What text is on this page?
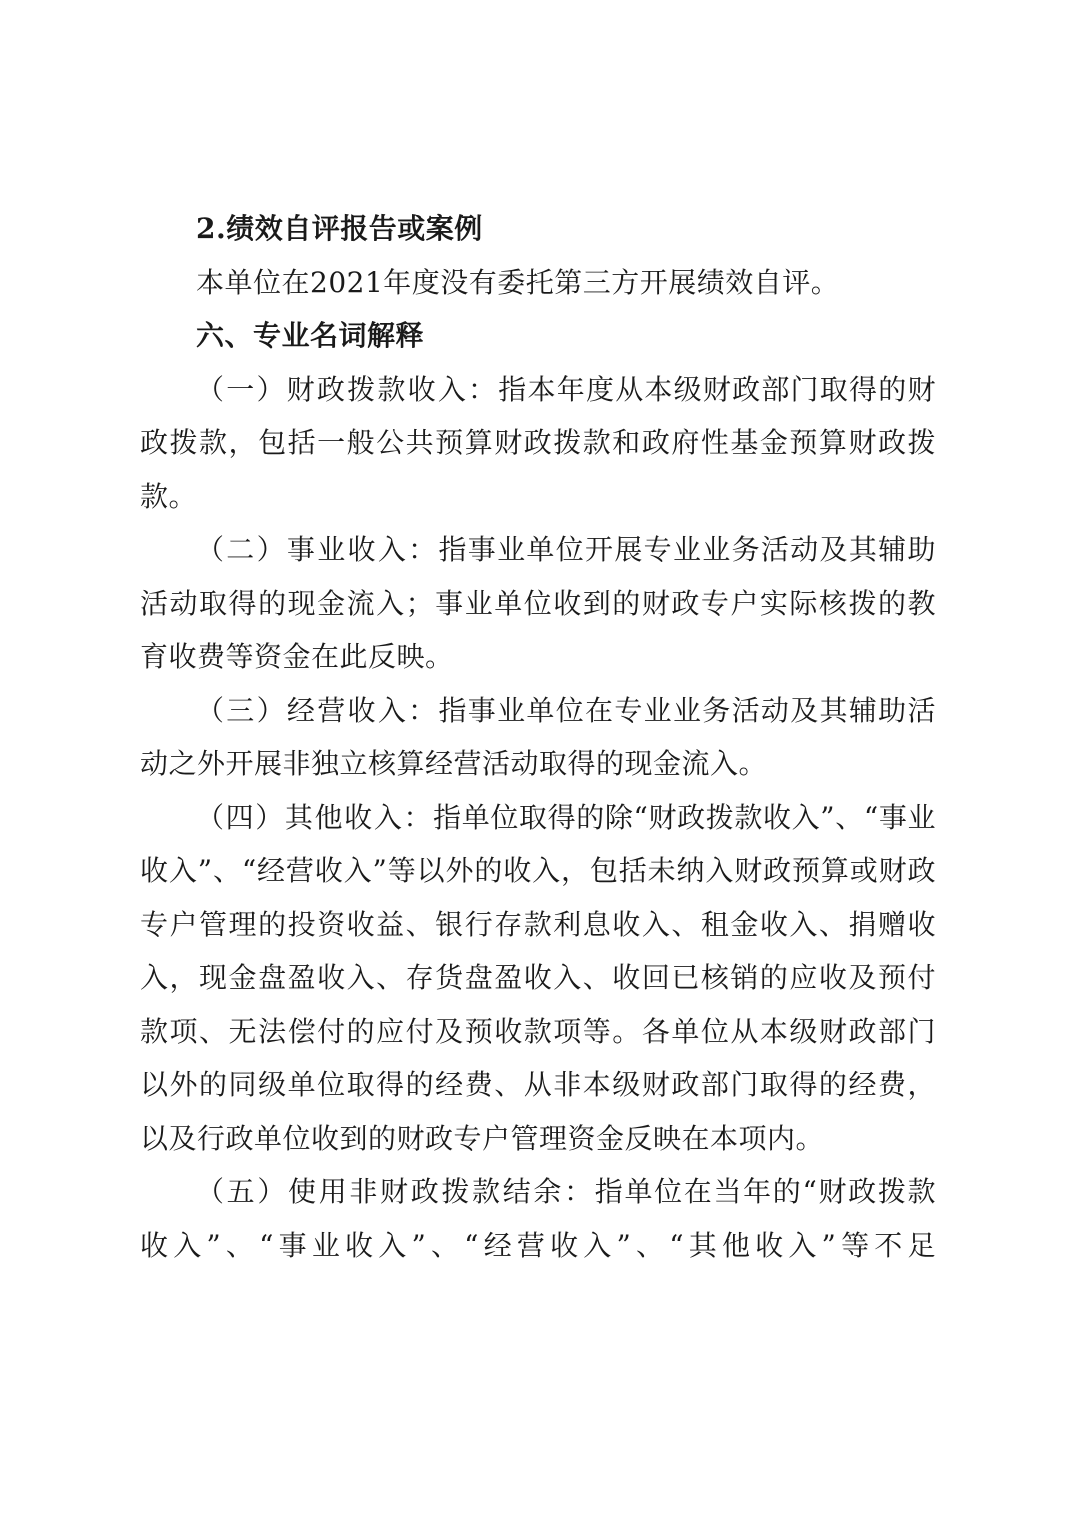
2.绩效自评报告或案例

本单位在2021年度没有委托第三方开展绩效自评。

六、专业名词解释

（一）财政拨款收入：指本年度从本级财政部门取得的财政拨款，包括一般公共预算财政拨款和政府性基金预算财政拨款。

（二）事业收入：指事业单位开展专业业务活动及其辅助活动取得的现金流入；事业单位收到的财政专户实际核拨的教育收费等资金在此反映。

（三）经营收入：指事业单位在专业业务活动及其辅助活动之外开展非独立核算经营活动取得的现金流入。

（四）其他收入：指单位取得的除“财政拨款收入”、“事业收入”、“经营收入”等以外的收入，包括未纳入财政预算或财政专户管理的投资收益、银行存款利息收入、租金收入、捐赠收入，现金盘盈收入、存货盘盈收入、收回已核销的应收及预付款项、无法偿付的应付及预收款项等。各单位从本级财政部门以外的同级单位取得的经费、从非本级财政部门取得的经费，以及行政单位收到的财政专户管理资金反映在本项内。

（五）使用非财政拨款结余：指单位在当年的“财政拨款收入”、“事业收入”、“经营收入”、“其他收入”等不足
